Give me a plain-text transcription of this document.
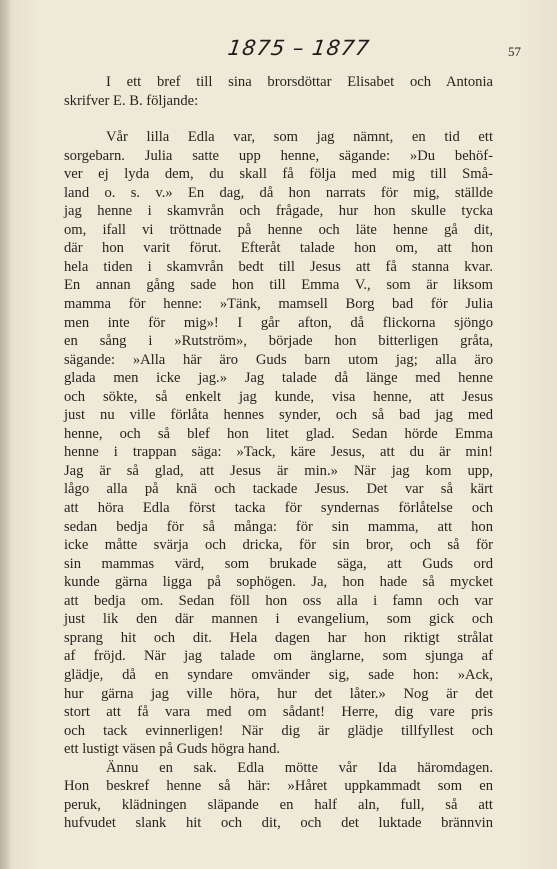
1875 – 1877	57
I ett bref till sina brorsdöttar Elisabet och Antonia
skrifver E. B. följande:
Vår lilla Edla var, som jag nämnt, en tid ett
sorgebarn. Julia satte upp henne, sägande: »Du behöf-
ver ej lyda dem, du skall få följa med mig till Små-
land o. s. v.» En dag, då hon narrats för mig, ställde
jag henne i skamvrån och frågade, hur hon skulle tycka
om, ifall vi tröttnade på henne och läte henne gå dit,
där hon varit förut. Efteråt talade hon om, att hon
hela tiden i skamvrån bedt till Jesus att få stanna kvar.
En annan gång sade hon till Emma V., som är liksom
mamma för henne: »Tänk, mamsell Borg bad för Julia
men inte för mig»! I går afton, då flickorna sjöngo
en sång i »Rutström», började hon bitterligen gråta,
sägande: »Alla här äro Guds barn utom jag; alla äro
glada men icke jag.» Jag talade då länge med henne
och sökte, så enkelt jag kunde, visa henne, att Jesus
just nu ville förlåta hennes synder, och så bad jag med
henne, och så blef hon litet glad. Sedan hörde Emma
henne i trappan säga: »Tack, käre Jesus, att du är min!
Jag är så glad, att Jesus är min.» När jag kom upp,
lågo alla på knä och tackade Jesus. Det var så kärt
att höra Edla först tacka för syndernas förlåtelse och
sedan bedja för så många: för sin mamma, att hon
icke måtte svärja och dricka, för sin bror, och så för
sin mammas värd, som brukade säga, att Guds ord
kunde gärna ligga på sophögen. Ja, hon hade så mycket
att bedja om. Sedan föll hon oss alla i famn och var
just lik den där mannen i evangelium, som gick och
sprang hit och dit. Hela dagen har hon riktigt strålat
af fröjd. När jag talade om änglarne, som sjunga af
glädje, då en syndare omvänder sig, sade hon: »Ack,
hur gärna jag ville höra, hur det låter.» Nog är det
stort att få vara med om sådant! Herre, dig vare pris
och tack evinnerligen! När dig är glädje tillfyllest och
ett lustigt väsen på Guds högra hand.
Ännu en sak. Edla mötte vår Ida häromdagen.
Hon beskref henne så här: »Håret uppkammadt som en
peruk, klädningen släpande en half aln, full, så att
hufvudet slank hit och dit, och det luktade brännvin
